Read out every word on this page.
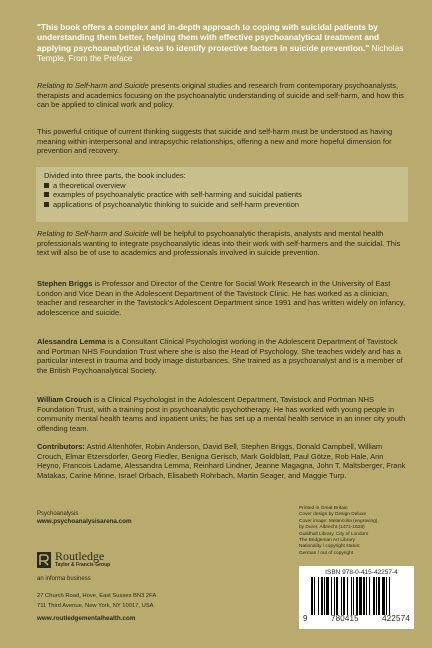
"This book offers a complex and in-depth approach to coping with suicidal patients by understanding them better, helping them with effective psychoanalytical treatment and applying psychoanalytical ideas to identify protective factors in suicide prevention." Nicholas Temple, From the Preface
Relating to Self-harm and Suicide presents original studies and research from contemporary psychoanalysts, therapists and academics focusing on the psychoanalytic understanding of suicide and self-harm, and how this can be applied to clinical work and policy.
This powerful critique of current thinking suggests that suicide and self-harm must be understood as having meaning within interpersonal and intrapsychic relationships, offering a new and more hopeful dimension for prevention and recovery.
Divided into three parts, the book includes:
a theoretical overview
examples of psychoanalytic practice with self-harming and suicidal patients
applications of psychoanalytic thinking to suicide and self-harm prevention
Relating to Self-harm and Suicide will be helpful to psychoanalytic therapists, analysts and mental health professionals wanting to integrate psychoanalytic ideas into their work with self-harmers and the suicidal. This text will also be of use to academics and professionals involved in suicide prevention.
Stephen Briggs is Professor and Director of the Centre for Social Work Research in the University of East London and Vice Dean in the Adolescent Department of the Tavistock Clinic. He has worked as a clinician, teacher and researcher in the Tavistock's Adolescent Department since 1991 and has written widely on infancy, adolescence and suicide.
Alessandra Lemma is a Consultant Clinical Psychologist working in the Adolescent Department of Tavistock and Portman NHS Foundation Trust where she is also the Head of Psychology. She teaches widely and has a particular interest in trauma and body image disturbances. She trained as a psychoanalyst and is a member of the British Psychoanalytical Society.
William Crouch is a Clinical Psychologist in the Adolescent Department, Tavistock and Portman NHS Foundation Trust, with a training post in psychoanalytic psychotherapy. He has worked with young people in community mental health teams and inpatient units; he has set up a mental health service in an inner city youth offending team.
Contributors: Astrid Altenhöfer, Robin Anderson, David Bell, Stephen Briggs, Donald Campbell, William Crouch, Elmar Etzersdorfer, Georg Fiedler, Benigna Gerisch, Mark Goldblatt, Paul Götze, Rob Hale, Ann Heyno, Francois Ladame, Alessandra Lemma, Reinhard Lindner, Jeanne Magagna, John T. Maltsberger, Frank Matakas, Carine Minne, Israel Orbach, Elisabeth Rohrbach, Martin Seager, and Maggie Turp.
Psychoanalysis
www.psychoanalysisarena.com
Routledge
Taylor & Francis Group
an informa business
27 Church Road, Hove, East Sussex BN3 2FA
711 Third Avenue, New York, NY 10017, USA
www.routledgementalhealth.com
Printed in Great Britain
Cover design by Design Deluxe
Cover image: Melancolia (engraving)
by Durer, Albrecht (1471-1528)
Guildhall Library, City of London/
The Bridgeman Art Library
Nationality / copyright status:
German / out of copyright
ISBN 978-0-415-42257-4
9	780415	422574
